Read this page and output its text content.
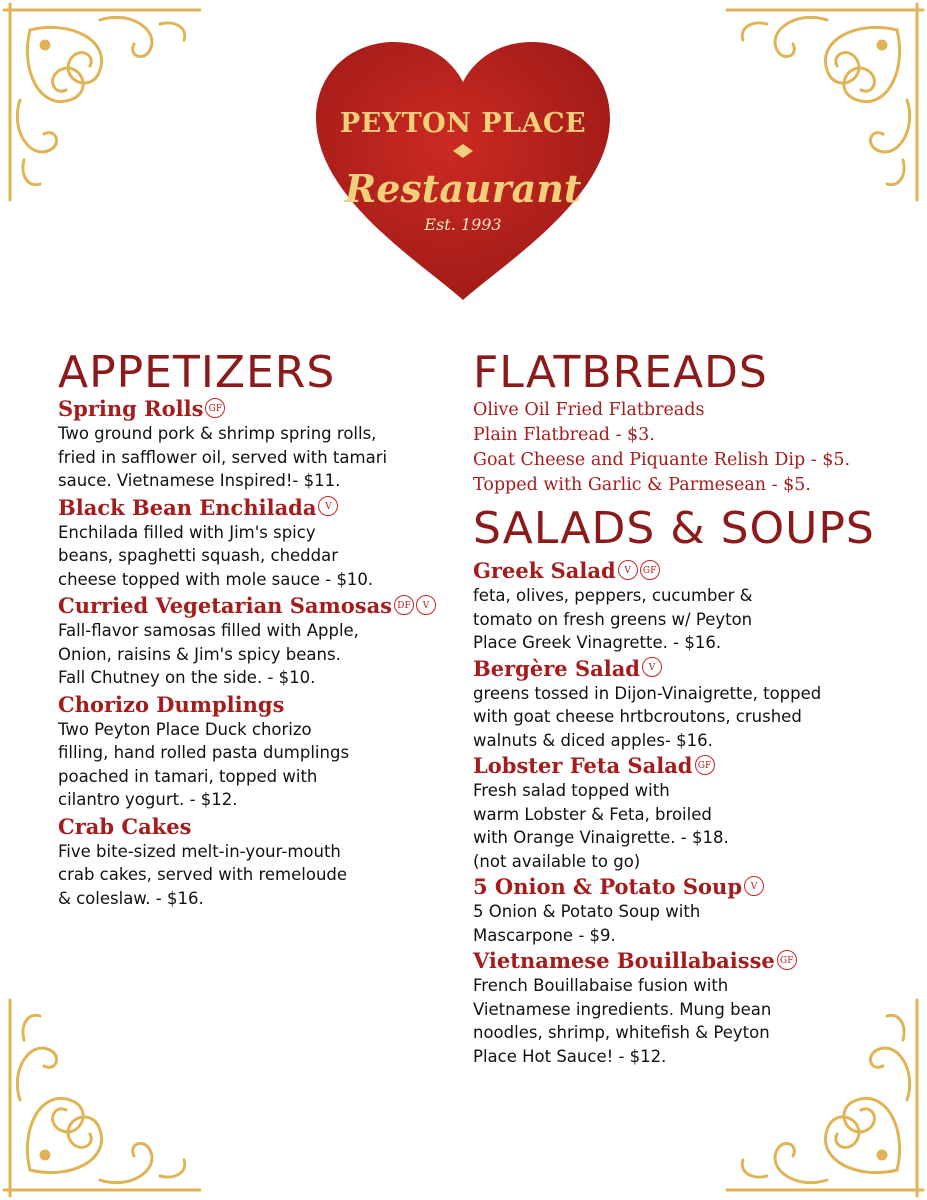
PEYTON PLACE
Restaurant
Est. 1993
APPETIZERS
Spring Rolls GF
Two ground pork & shrimp spring rolls,
fried in safflower oil, served with tamari
sauce. Vietnamese Inspired!- $11.
Black Bean Enchilada V
Enchilada filled with Jim's spicy
beans, spaghetti squash, cheddar
cheese topped with mole sauce - $10.
Curried Vegetarian Samosas DF V
Fall-flavor samosas filled with Apple,
Onion, raisins & Jim's spicy beans.
Fall Chutney on the side. - $10.
Chorizo Dumplings
Two Peyton Place Duck chorizo
filling, hand rolled pasta dumplings
poached in tamari, topped with
cilantro yogurt. - $12.
Crab Cakes
Five bite-sized melt-in-your-mouth
crab cakes, served with remeloude
& coleslaw. - $16.
FLATBREADS
Olive Oil Fried Flatbreads
Plain Flatbread - $3.
Goat Cheese and Piquante Relish Dip - $5.
Topped with Garlic & Parmesean - $5.
SALADS & SOUPS
Greek Salad V GF
feta, olives, peppers, cucumber &
tomato on fresh greens w/ Peyton
Place Greek Vinagrette. - $16.
Bergère Salad V
greens tossed in Dijon-Vinaigrette, topped
with goat cheese hrtbcroutons, crushed
walnuts & diced apples- $16.
Lobster Feta Salad GF
Fresh salad topped with
warm Lobster & Feta, broiled
with Orange Vinaigrette. - $18.
(not available to go)
5 Onion & Potato Soup V
5 Onion & Potato Soup with
Mascarpone - $9.
Vietnamese Bouillabaisse GF
French Bouillabaise fusion with
Vietnamese ingredients. Mung bean
noodles, shrimp, whitefish & Peyton
Place Hot Sauce! - $12.
